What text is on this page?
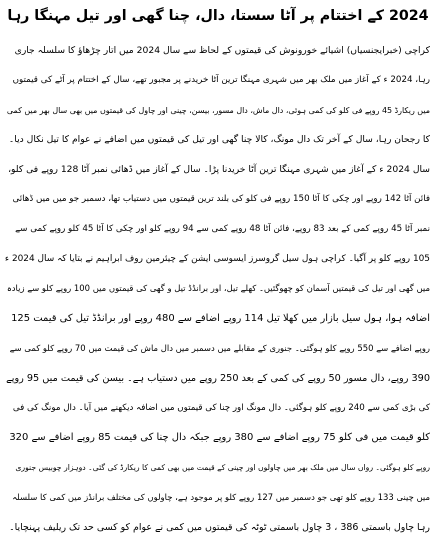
2024 کے اختتام پر آٹا سستا، دال، چنا گھی اور تیل مہنگا رہا

کراچی (خبرایجنسیاں) اشیائے خورونوش کی قیمتوں کے لحاظ سے سال 2024 میں اتار چڑھاؤ کا سلسلہ جاری

رہا، 2024 ء کے آغاز میں ملک بھر میں شہری مہنگا ترین آٹا خریدنے پر مجبور تھے، سال کے اختتام پر آٹے کی قیمتوں

میں ریکارڈ 45 روپے فی کلو کی کمی ہوئی، دال ماش، دال مسور، بیسن، چینی اور چاول کی قیمتوں میں بھی سال بھر میں کمی

کا رجحان رہا، سال کے آخر تک دال مونگ، کالا چنا گھی اور تیل کی قیمتوں میں اضافے نے عوام کا تیل نکال دیا۔

سال 2024 ء کے آغاز میں شہری مہنگا ترین آٹا خریدنا پڑا۔ سال کے آغاز میں ڈھائی نمبر آٹا 128 روپے فی کلو،

فائن آٹا 142 روپے اور چکی کا آٹا 150 روپے فی کلو کی بلند ترین قیمتوں میں دستیاب تھا، دسمبر جو میں میں ڈھائی

نمبر آٹا 45 روپے کمی کے بعد 83 روپے، فائن آٹا 48 روپے کمی سے 94 روپے کلو اور چکی کا آٹا 45 کلو روپے کمی سے

105 روپے کلو پر آگیا۔ کراچی ہول سیل گروسرز ایسوسی ایشن کے چیئرمین روف ابراہیم نے بتایا کہ سال 2024 ء

میں گھی اور تیل کی قیمتیں آسمان کو چھوگئیں۔ کھلے تیل، اور برانڈڈ تیل و گھی کی قیمتوں میں 100 روپے کلو سے زیادہ

اضافہ ہوا، ہول سیل بازار میں کھلا تیل 114 روپے اضافے سے 480 روپے اور برانڈڈ تیل کی قیمت 125

روپے اضافے سے 550 روپے کلو ہوگئی۔ جنوری کے مقابلے میں دسمبر میں دال ماش کی قیمت میں 70 روپے کلو کمی سے

390 روپے، دال مسور 50 روپے کی کمی کے بعد 250 روپے میں دستیاب ہے۔ بیسن کی قیمت میں 95 روپے

کی بڑی کمی سے 240 روپے کلو ہوگئی۔ دال مونگ اور چنا کی قیمتوں میں اضافہ دیکھنے میں آیا۔ دال مونگ کی فی

کلو قیمت میں فی کلو 75 روپے اضافے سے 380 روپے جبکہ دال چنا کی قیمت 85 روپے اضافے سے 320

روپے کلو ہوگئی۔ رواں سال میں ملک بھر میں چاولوں اور چینی کے قیمت میں بھی کمی کا ریکارڈ کی گئی۔ دوہزار چوبیس جنوری

میں چینی 133 روپے کلو تھی جو دسمبر میں 127 روپے کلو پر موجود ہے، چاولوں کی مختلف برانڈز میں کمی کا سلسلہ

رہا چاول باسمتی 386 ، 3 چاول باسمتی ٹوٹہ کی قیمتوں میں کمی نے عوام کو کسی حد تک ریلیف پہنچایا۔
